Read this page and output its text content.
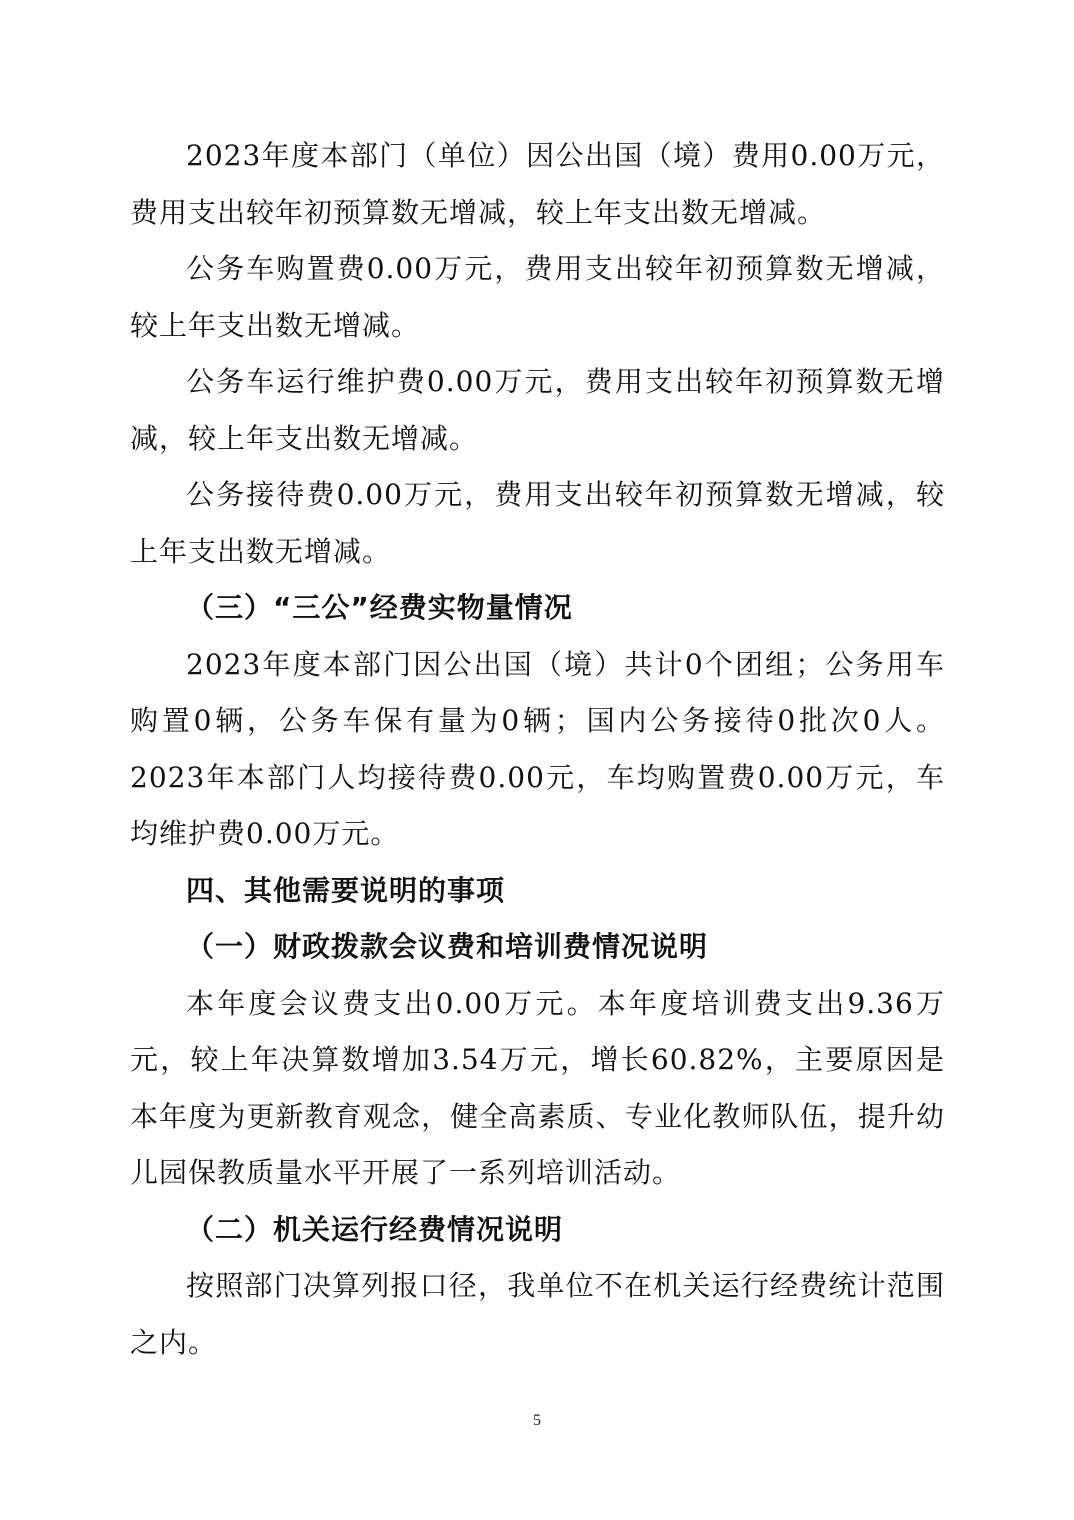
2023年度本部门（单位）因公出国（境）费用0.00万元，费用支出较年初预算数无增减，较上年支出数无增减。

公务车购置费0.00万元，费用支出较年初预算数无增减，较上年支出数无增减。

公务车运行维护费0.00万元，费用支出较年初预算数无增减，较上年支出数无增减。

公务接待费0.00万元，费用支出较年初预算数无增减，较上年支出数无增减。

（三）“三公”经费实物量情况

2023年度本部门因公出国（境）共计0个团组；公务用车购置0辆，公务车保有量为0辆；国内公务接待0批次0人。2023年本部门人均接待费0.00元，车均购置费0.00万元，车均维护费0.00万元。

四、其他需要说明的事项

（一）财政拨款会议费和培训费情况说明

本年度会议费支出0.00万元。本年度培训费支出9.36万元，较上年决算数增加3.54万元，增长60.82%，主要原因是本年度为更新教育观念，健全高素质、专业化教师队伍，提升幼儿园保教质量水平开展了一系列培训活动。

（二）机关运行经费情况说明

按照部门决算列报口径，我单位不在机关运行经费统计范围之内。

5
